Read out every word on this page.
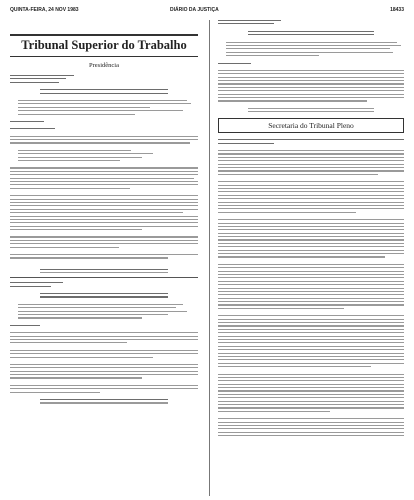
QUINTA-FEIRA, 24 NOV 1983	DIÁRIO DA JUSTIÇA	18433
Tribunal Superior do Trabalho
Presidência
Secretaria do Tribunal Pleno
